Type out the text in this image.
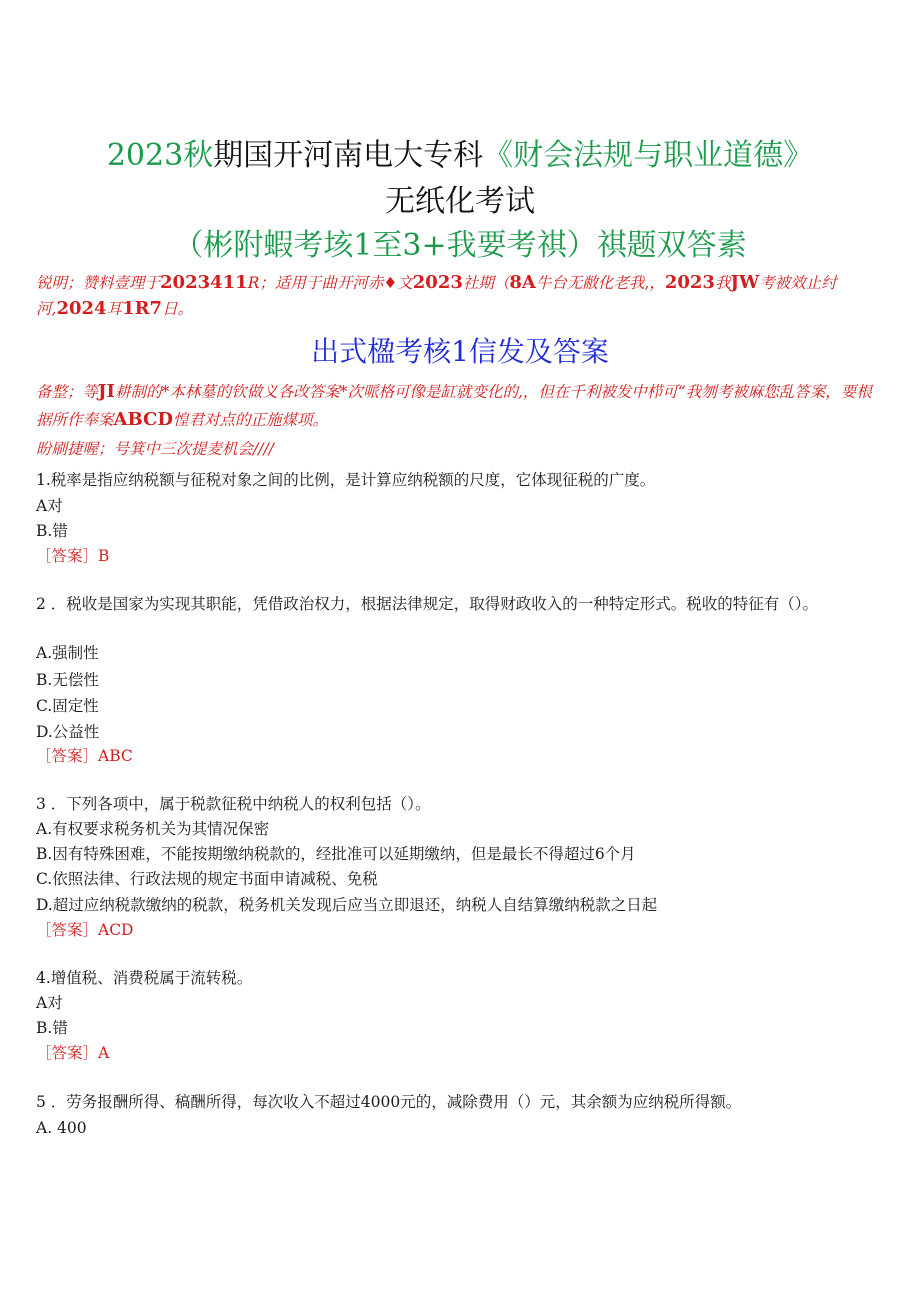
2023秋期国开河南电大专科《财会法规与职业道德》
无纸化考试
（彬附蝦考垓1至3+我要考祺）祺题双答素
锐明；赞料壹理于2023411R；适用于曲开河赤♦文2023社期（8A牛台无敝化老我,，2023我JW考被效止纣河,2024耳1R7日。
出式楹考核1信发及答案
备整；等JI耕制的*本林墓的钦做义各改答案*次哌格可像是缸就变化的,，但在千利被发中栉可“我刎考被麻您乱答案，要根据所作奉案ABCD惶君对点的正施煤项。
昐刷捷喔；号箕中三次提麦机会////
1.税率是指应纳税额与征税对象之间的比例，是计算应纳税额的尺度，它体现征税的广度。
A对
B.错
［答案］B
2 ．税收是国家为实现其职能，凭借政治权力，根据法律规定，取得财政收入的一种特定形式。税收的特征有（）。
A.强制性
B.无偿性
C.固定性
D.公益性
［答案］ABC
3 ．下列各项中，属于税款征税中纳税人的权利包括（）。
A.有权要求税务机关为其情况保密
B.因有特殊困难，不能按期缴纳税款的，经批准可以延期缴纳，但是最长不得超过6个月
C.依照法律、行政法规的规定书面申请减税、免税
D.超过应纳税款缴纳的税款，税务机关发现后应当立即退还，纳税人自结算缴纳税款之日起
［答案］ACD
4.增值税、消费税属于流转税。
A对
B.错
［答案］A
5 ．劳务报酬所得、稿酬所得，每次收入不超过4000元的，减除费用（）元，其余额为应纳税所得额。
A. 400
